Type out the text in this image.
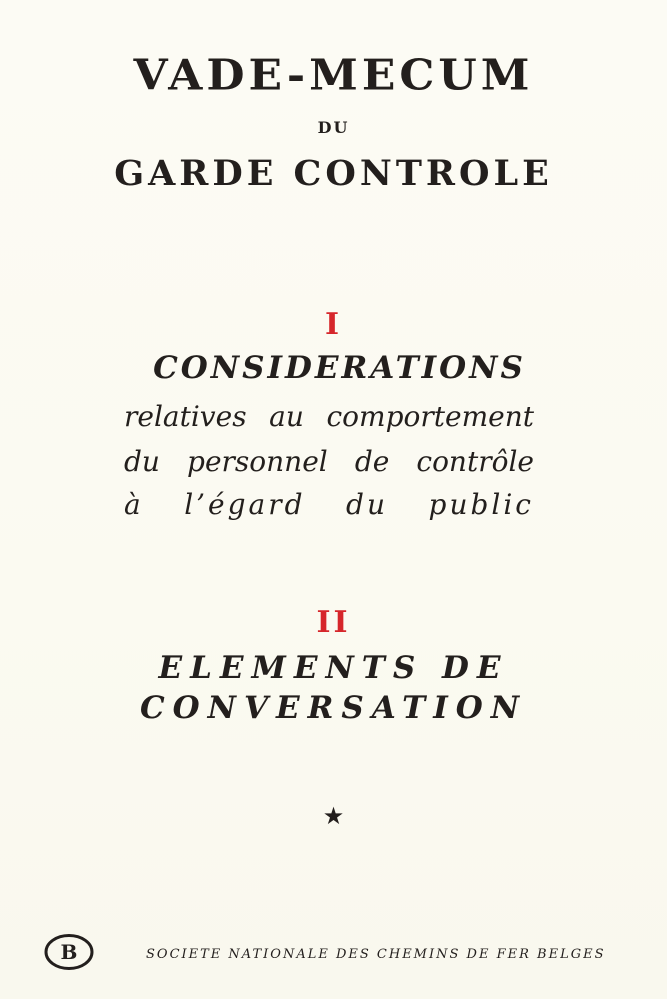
VADE-MECUM
DU
GARDE CONTROLE
I
CONSIDERATIONS
relatives au comportement
du personnel de contrôle
à l’égard du public
II
ELEMENTS DE
CONVERSATION
★
B	SOCIETE NATIONALE DES CHEMINS DE FER BELGES
